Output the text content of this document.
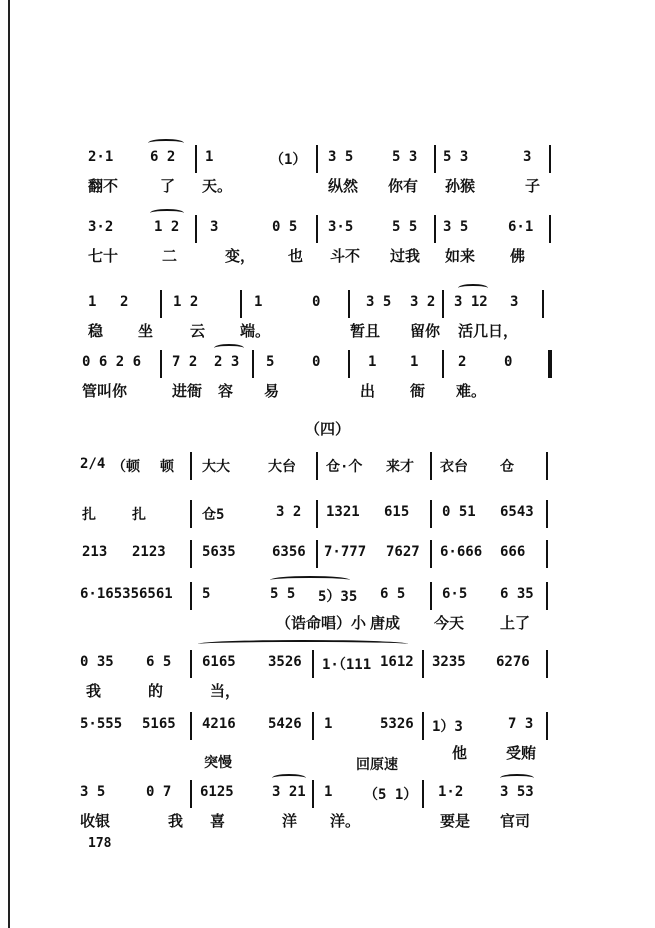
2·1	6 2 1	（1） 3 5	5 3 5 3	3
翻不	了 天。	纵然 你有 孙猴	子
3·2	1 2 3	0 5 3·5	5 5 3 5	6·1
七十	二	变， 也 斗不 过我 如来 佛
1 2	1 2	1	0	3 5 3 2 3 12 3
稳 坐 云 端。	暂且 留你 活几日，
0 6 2 6 7 2 2 3 5	0	1 1	2	0
管叫你	进衙 容 易	出 衙 难。
（四）
2/4 （顿 顿 大大	大台 仓·个 来才 衣台 仓
扎	扎	仓5	3 2 1321 615 0 51 6543
213 2123	5635	6356 7·777 7627 6·666 666
6·165356561 5	5 5 5）35 6 5	6·5 6 35
（诰命唱）小 唐成 今天 上了
0 35 6 5 6165 3526 1·（111 1612 3235 6276
我	的	当，
5·555 5165 4216 5426 1	5326 1）3	7 3
他	受贿
突慢	回原速
3 5	0 7 6125	3 21 1 （5 1） 1·2	3 53
收银	我 喜	洋 洋。	要是 官司
178
